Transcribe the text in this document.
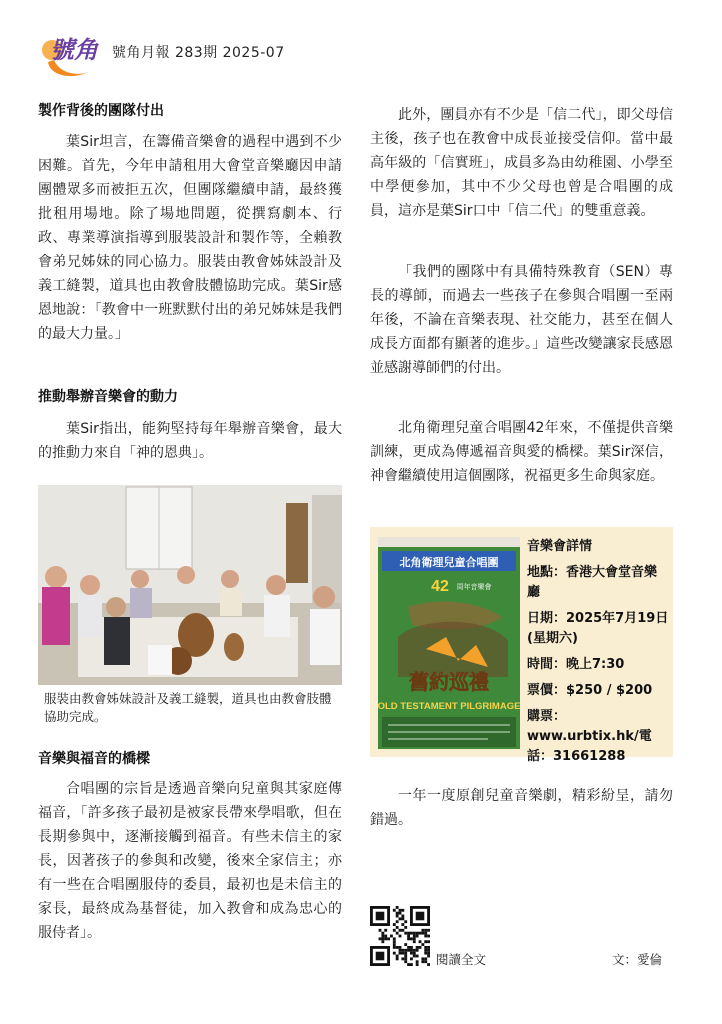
號角 號角月報 283期 2025-07
製作背後的團隊付出

葉Sir坦言，在籌備音樂會的過程中遇到不少困難。首先，今年申請租用大會堂音樂廳因申請團體眾多而被拒五次，但團隊繼續申請，最終獲批租用場地。除了場地問題，從撰寫劇本、行政、專業導演指導到服裝設計和製作等，全賴教會弟兄姊妹的同心協力。服裝由教會姊妹設計及義工縫製，道具也由教會肢體協助完成。葉Sir感恩地說：「教會中一班默默付出的弟兄姊妹是我們的最大力量。」

推動舉辦音樂會的動力

葉Sir指出，能夠堅持每年舉辦音樂會，最大的推動力來自「神的恩典」。

服裝由教會姊妹設計及義工縫製，道具也由教會肢體協助完成。
音樂與福音的橋樑

合唱團的宗旨是透過音樂向兒童與其家庭傳福音，「許多孩子最初是被家長帶來學唱歌，但在長期參與中，逐漸接觸到福音。有些未信主的家長，因著孩子的參與和改變，後來全家信主；亦有一些在合唱團服侍的委員，最初也是未信主的家長，最終成為基督徒，加入教會和成為忠心的服侍者」。

此外，團員亦有不少是「信二代」，即父母信主後，孩子也在教會中成長並接受信仰。當中最高年級的「信實班」，成員多為由幼稚園、小學至中學便參加，其中不少父母也曾是合唱團的成員，這亦是葉Sir口中「信二代」的雙重意義。

「我們的團隊中有具備特殊教育（SEN）專長的導師，而過去一些孩子在參與合唱團一至兩年後，不論在音樂表現、社交能力，甚至在個人成長方面都有顯著的進步。」這些改變讓家長感恩並感謝導師們的付出。

北角衛理兒童合唱團42年來，不僅提供音樂訓練，更成為傳遞福音與愛的橋樑。葉Sir深信，神會繼續使用這個團隊，祝福更多生命與家庭。

北角衛理兒童合唱團
42 周年音樂會
舊約巡禮
OLD TESTAMENT PILGRIMAGE
音樂會詳情
地點：香港大會堂音樂廳
日期：2025年7月19日(星期六)
時間：晚上7:30
票價：$250 / $200
購票：www.urbtix.hk/電話：31661288

一年一度原創兒童音樂劇，精彩紛呈，請勿錯過。

閱讀全文	文：愛倫
